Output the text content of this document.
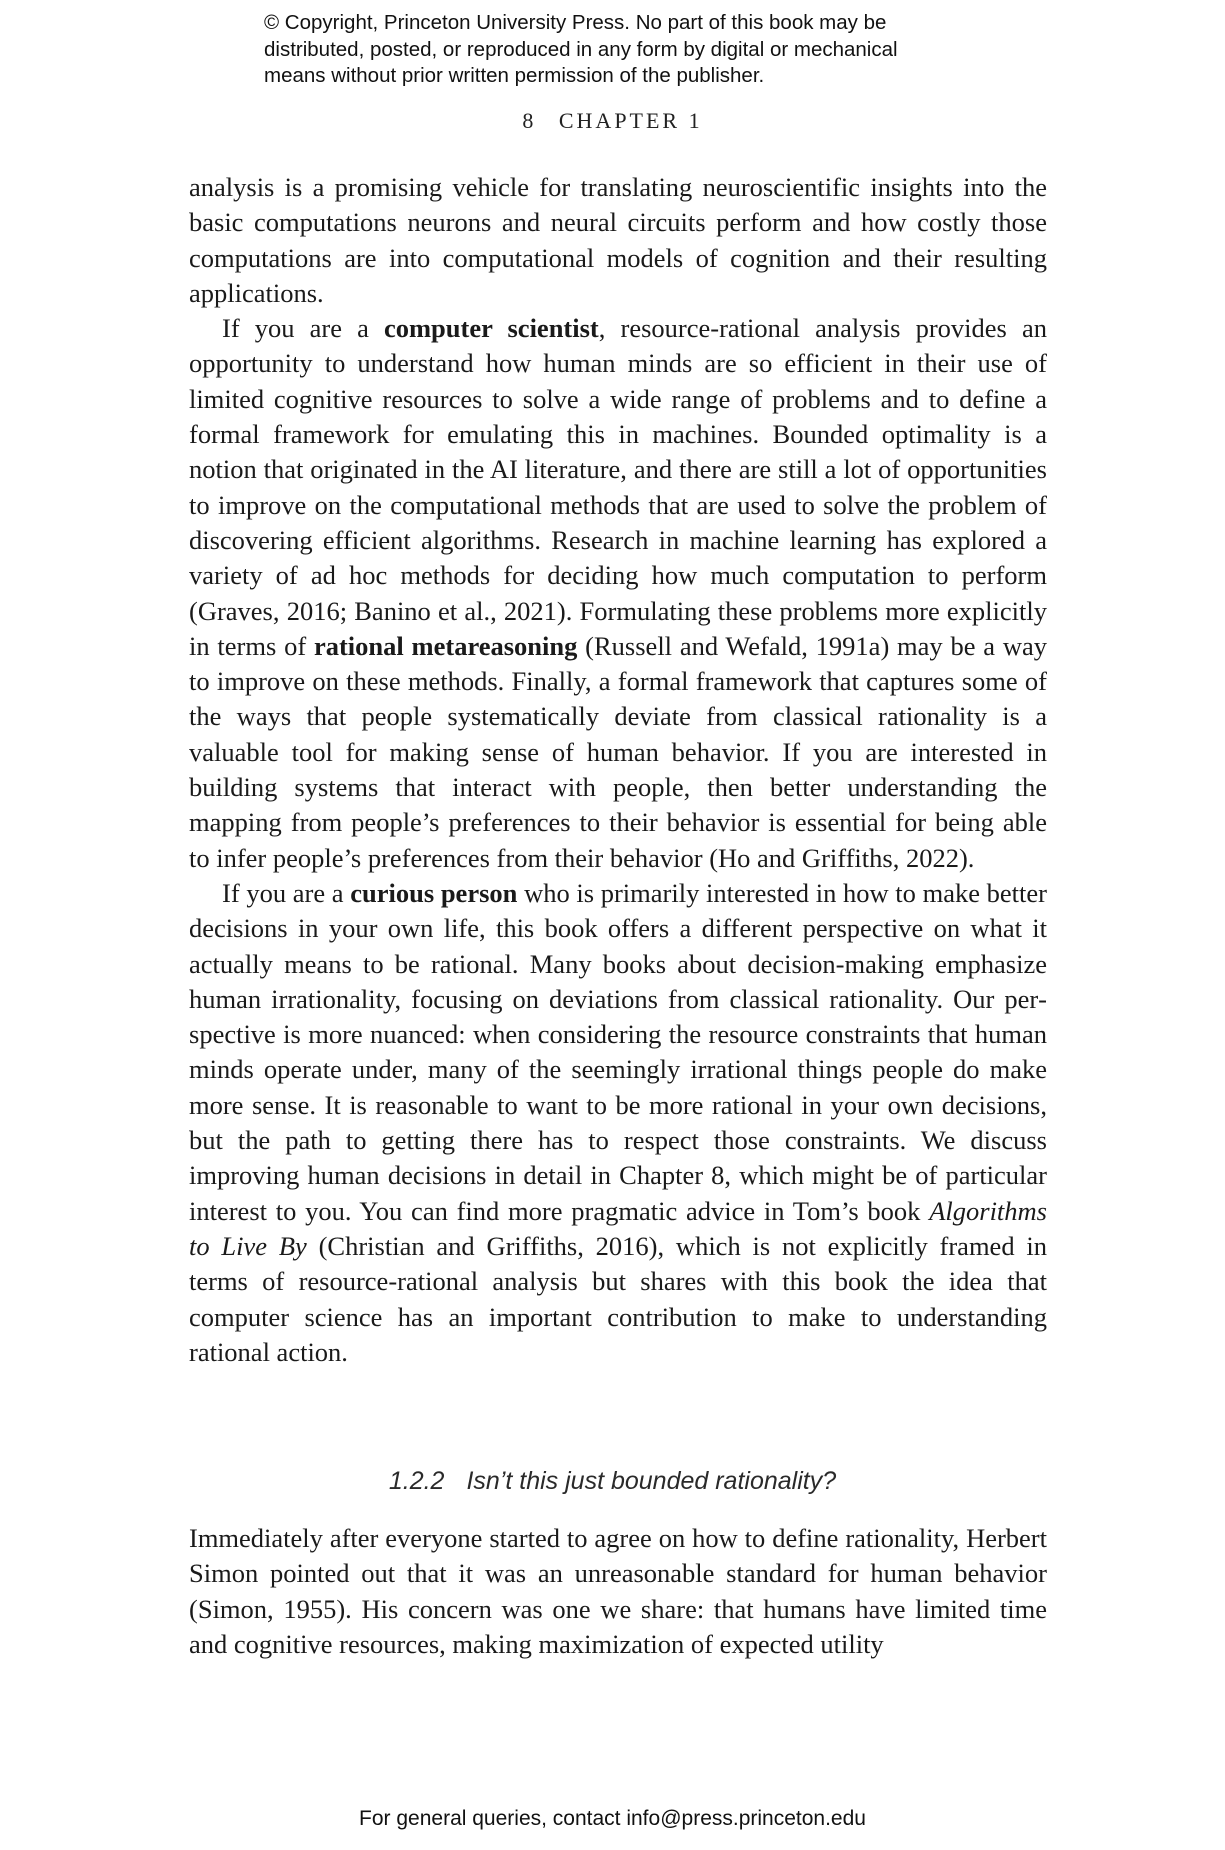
© Copyright, Princeton University Press. No part of this book may be
distributed, posted, or reproduced in any form by digital or mechanical
means without prior written permission of the publisher.
8 CHAPTER 1

analysis is a promising vehicle for translating neuroscientific insights into the basic computations neurons and neural circuits perform and how costly those computations are into computational models of cognition and their resulting applications.

If you are a computer scientist, resource-rational analysis provides an opportunity to understand how human minds are so efficient in their use of limited cognitive resources to solve a wide range of problems and to define a formal framework for emulating this in machines. Bounded optimality is a notion that originated in the AI literature, and there are still a lot of opportunities to improve on the computational methods that are used to solve the problem of discovering efficient algorithms. Research in machine learning has explored a variety of ad hoc methods for deciding how much computation to perform (Graves, 2016; Banino et al., 2021). Formulating these problems more explicitly in terms of rational metareasoning (Russell and Wefald, 1991a) may be a way to improve on these methods. Finally, a formal framework that captures some of the ways that people systematically deviate from classical rationality is a valuable tool for making sense of human behavior. If you are interested in building systems that interact with people, then better understanding the mapping from people’s preferences to their behavior is essential for being able to infer people’s preferences from their behavior (Ho and Griffiths, 2022).

If you are a curious person who is primarily interested in how to make better decisions in your own life, this book offers a different perspective on what it actually means to be rational. Many books about decision-making emphasize human irrationality, focusing on deviations from classical rationality. Our perspective is more nuanced: when considering the resource constraints that human minds operate under, many of the seemingly irrational things people do make more sense. It is reasonable to want to be more rational in your own decisions, but the path to getting there has to respect those constraints. We discuss improving human decisions in detail in Chapter 8, which might be of particular interest to you. You can find more pragmatic advice in Tom’s book Algorithms to Live By (Christian and Griffiths, 2016), which is not explicitly framed in terms of resource-rational analysis but shares with this book the idea that computer science has an important contribution to make to understanding rational action.

1.2.2 Isn’t this just bounded rationality?

Immediately after everyone started to agree on how to define rationality, Herbert Simon pointed out that it was an unreasonable standard for human behavior (Simon, 1955). His concern was one we share: that humans have limited time and cognitive resources, making maximization of expected utility

For general queries, contact info@press.princeton.edu
